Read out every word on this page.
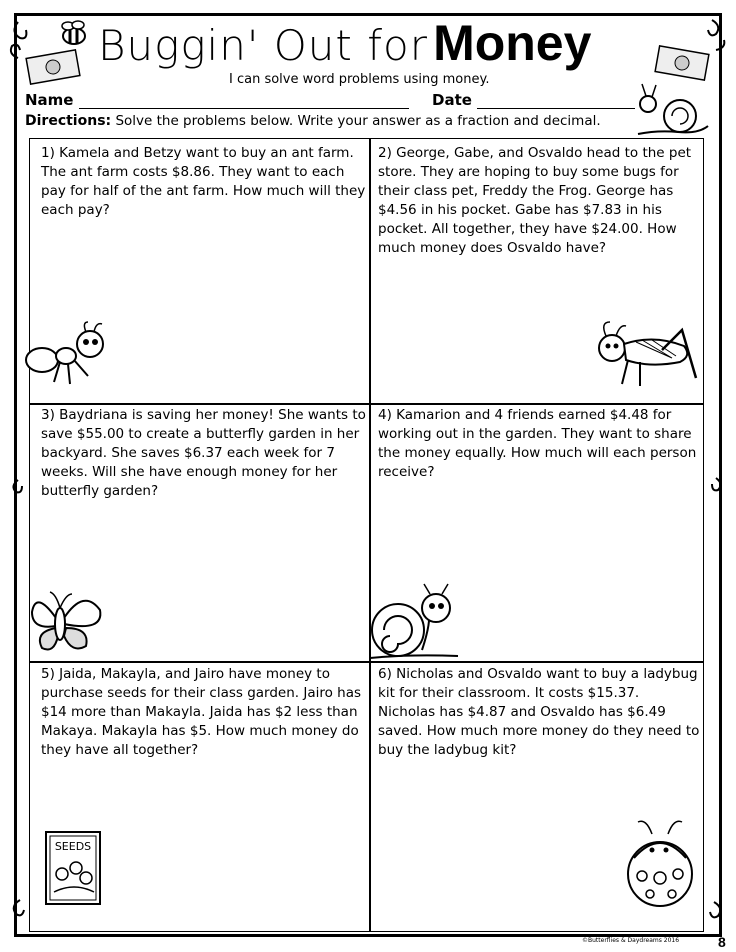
Buggin' Out for Money
I can solve word problems using money.
Name	Date
Directions: Solve the problems below. Write your answer as a fraction and decimal.
1) Kamela and Betzy want to buy an ant farm. The ant farm costs $8.86. They want to each pay for half of the ant farm. How much will they each pay?
2) George, Gabe, and Osvaldo head to the pet store. They are hoping to buy some bugs for their class pet, Freddy the Frog. George has $4.56 in his pocket. Gabe has $7.83 in his pocket. All together, they have $24.00. How much money does Osvaldo have?
3) Baydriana is saving her money! She wants to save $55.00 to create a butterfly garden in her backyard. She saves $6.37 each week for 7 weeks. Will she have enough money for her butterfly garden?
4) Kamarion and 4 friends earned $4.48 for working out in the garden. They want to share the money equally. How much will each person receive?
5) Jaida, Makayla, and Jairo have money to purchase seeds for their class garden. Jairo has $14 more than Makayla. Jaida has $2 less than Makaya. Makayla has $5. How much money do they have all together?
6) Nicholas and Osvaldo want to buy a ladybug kit for their classroom. It costs $15.37. Nicholas has $4.87 and Osvaldo has $6.49 saved. How much more money do they need to buy the ladybug kit?
SEEDS
©Butterflies & Daydreams 2016	8
